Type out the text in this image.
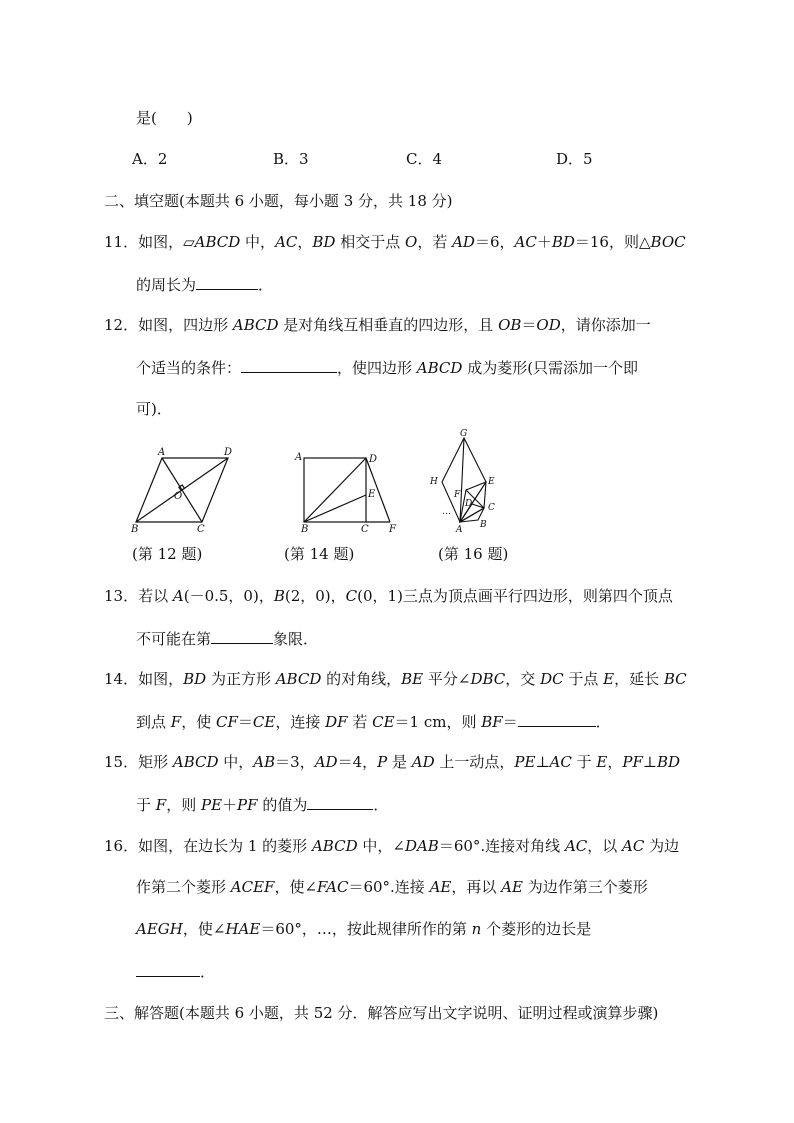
是(　　)
A．2	B．3	C．4	D．5
二、填空题(本题共 6 小题，每小题 3 分，共 18 分)
11．如图，▱ABCD 中，AC，BD 相交于点 O，若 AD＝6，AC＋BD＝16，则△BOC
的周长为	．
12．如图，四边形 ABCD 是对角线互相垂直的四边形，且 OB＝OD，请你添加一
个适当的条件：	，使四边形 ABCD 成为菱形(只需添加一个即
可)．
A	D
O
B	C
(第 12 题)
A	D
E
B	C F
(第 14 题)
G
H	E
F
D C
A B
…
(第 16 题)
13．若以 A(－0.5，0)，B(2，0)，C(0，1)三点为顶点画平行四边形，则第四个顶点
不可能在第	象限．
14．如图，BD 为正方形 ABCD 的对角线，BE 平分∠DBC，交 DC 于点 E，延长 BC
到点 F，使 CF＝CE，连接 DF 若 CE＝1 cm，则 BF＝	．
15．矩形 ABCD 中，AB＝3，AD＝4，P 是 AD 上一动点，PE⊥AC 于 E，PF⊥BD
于 F，则 PE＋PF 的值为	．
16．如图，在边长为 1 的菱形 ABCD 中，∠DAB＝60°.连接对角线 AC，以 AC 为边
作第二个菱形 ACEF，使∠FAC＝60°.连接 AE，再以 AE 为边作第三个菱形
AEGH，使∠HAE＝60°，…，按此规律所作的第 n 个菱形的边长是
．
三、解答题(本题共 6 小题，共 52 分．解答应写出文字说明、证明过程或演算步骤)
